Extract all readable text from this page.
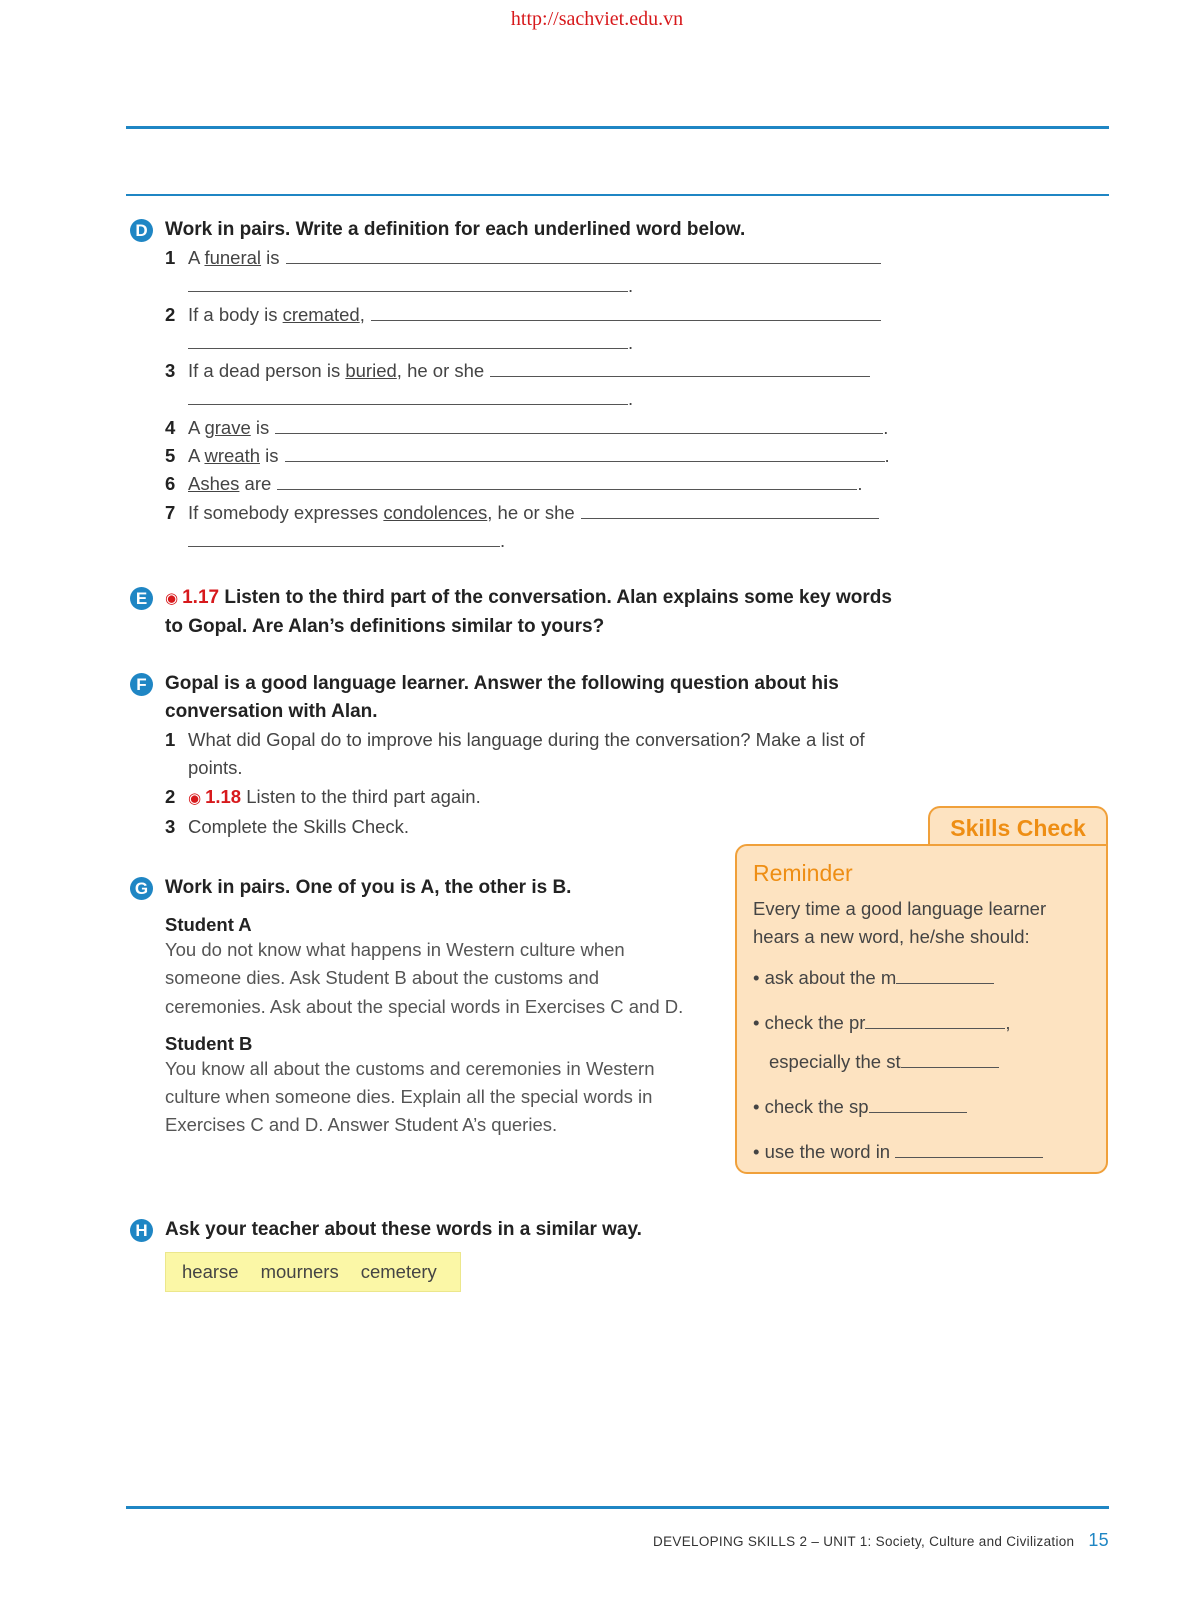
http://sachviet.edu.vn
D Work in pairs. Write a definition for each underlined word below.
1 A funeral is
.
2 If a body is cremated ,
.
3 If a dead person is buried , he or she
.
4 A grave is	.
5 A wreath is	.
6 Ashes are	.
7 If somebody expresses condolences , he or she
.
E	◉ 1.17 Listen to the third part of the conversation. Alan explains some key words to Gopal. Are Alan’s definitions similar to yours?
F Gopal is a good language learner. Answer the following question about his conversation with Alan.
1 What did Gopal do to improve his language during the conversation? Make a list of points.
2 ◉ 1.18 Listen to the third part again.
3 Complete the Skills Check.
G Work in pairs. One of you is A, the other is B.
Student A
You do not know what happens in Western culture when someone dies. Ask Student B about the customs and ceremonies. Ask about the special words in Exercises C and D.
Student B
You know all about the customs and ceremonies in Western culture when someone dies. Explain all the special words in Exercises C and D. Answer Student A’s queries.
H Ask your teacher about these words in a similar way.
hearse mourners cemetery
Skills Check
Reminder
Every time a good language learner hears a new word, he/she should:
• ask about the m
• check the pr	,
especially the st
• check the sp
• use the word in
DEVELOPING SKILLS 2 – UNIT 1: Society, Culture and Civilization 15
